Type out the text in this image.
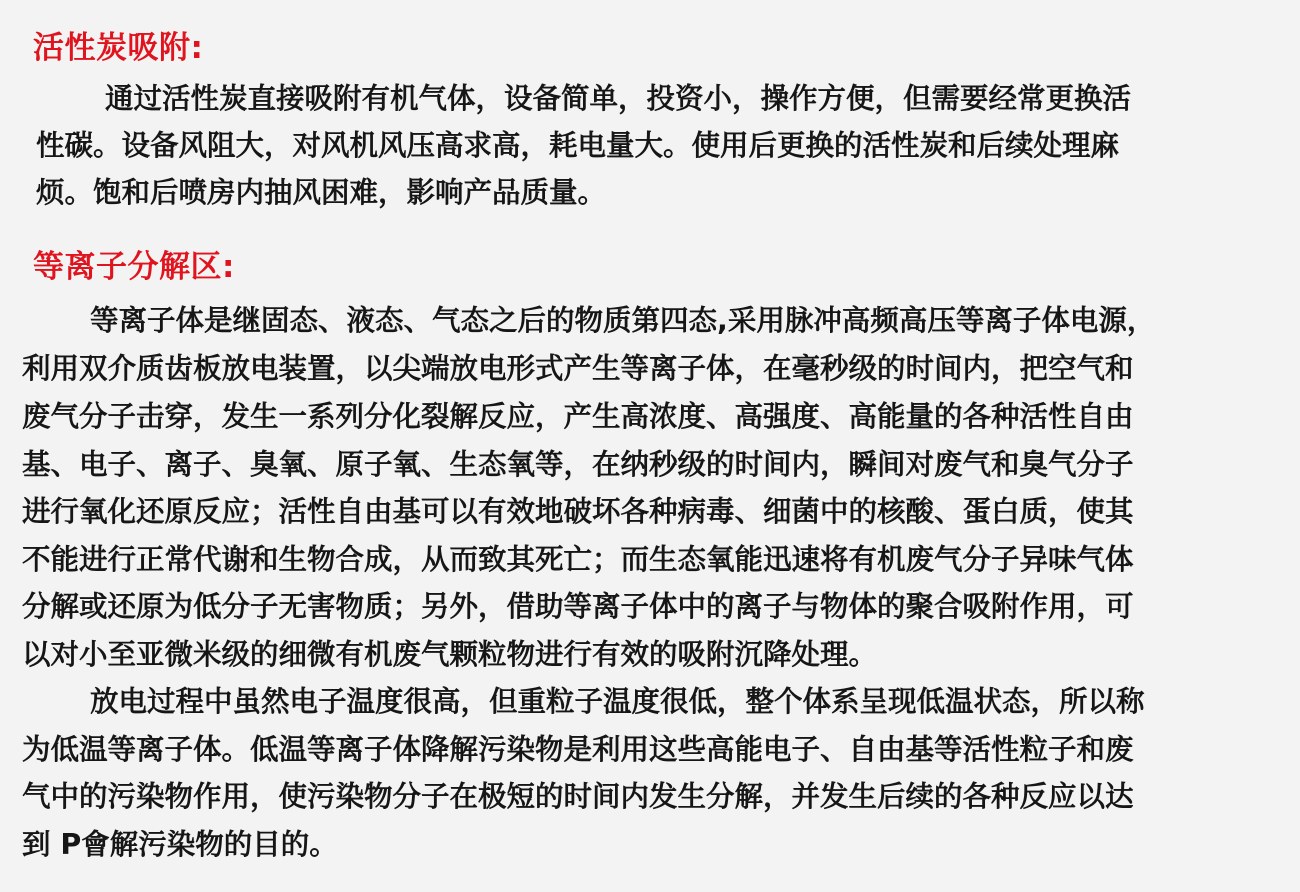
活性炭吸附:

通过活性炭直接吸附有机气体，设备简单，投资小，操作方便，但需要经常更换活

性碳。设备风阻大，对风机风压高求高，耗电量大。使用后更换的活性炭和后续处理麻

烦。饱和后喷房内抽风困难，影响产品质量。

等离子分解区:

等离子体是继固态、液态、气态之后的物质第四态,采用脉冲高频高压等离子体电源，

利用双介质齿板放电装置，以尖端放电形式产生等离子体，在毫秒级的时间内，把空气和

废气分子击穿，发生一系列分化裂解反应，产生高浓度、高强度、高能量的各种活性自由

基、电子、离子、臭氧、原子氧、生态氧等，在纳秒级的时间内，瞬间对废气和臭气分子

进行氧化还原反应；活性自由基可以有效地破坏各种病毒、细菌中的核酸、蛋白质，使其

不能进行正常代谢和生物合成，从而致其死亡；而生态氧能迅速将有机废气分子异味气体

分解或还原为低分子无害物质；另外，借助等离子体中的离子与物体的聚合吸附作用，可

以对小至亚微米级的细微有机废气颗粒物进行有效的吸附沉降处理。

放电过程中虽然电子温度很高，但重粒子温度很低，整个体系呈现低温状态，所以称

为低温等离子体。低温等离子体降解污染物是利用这些高能电子、自由基等活性粒子和废

气中的污染物作用，使污染物分子在极短的时间内发生分解，并发生后续的各种反应以达

到 P會解污染物的目的。
